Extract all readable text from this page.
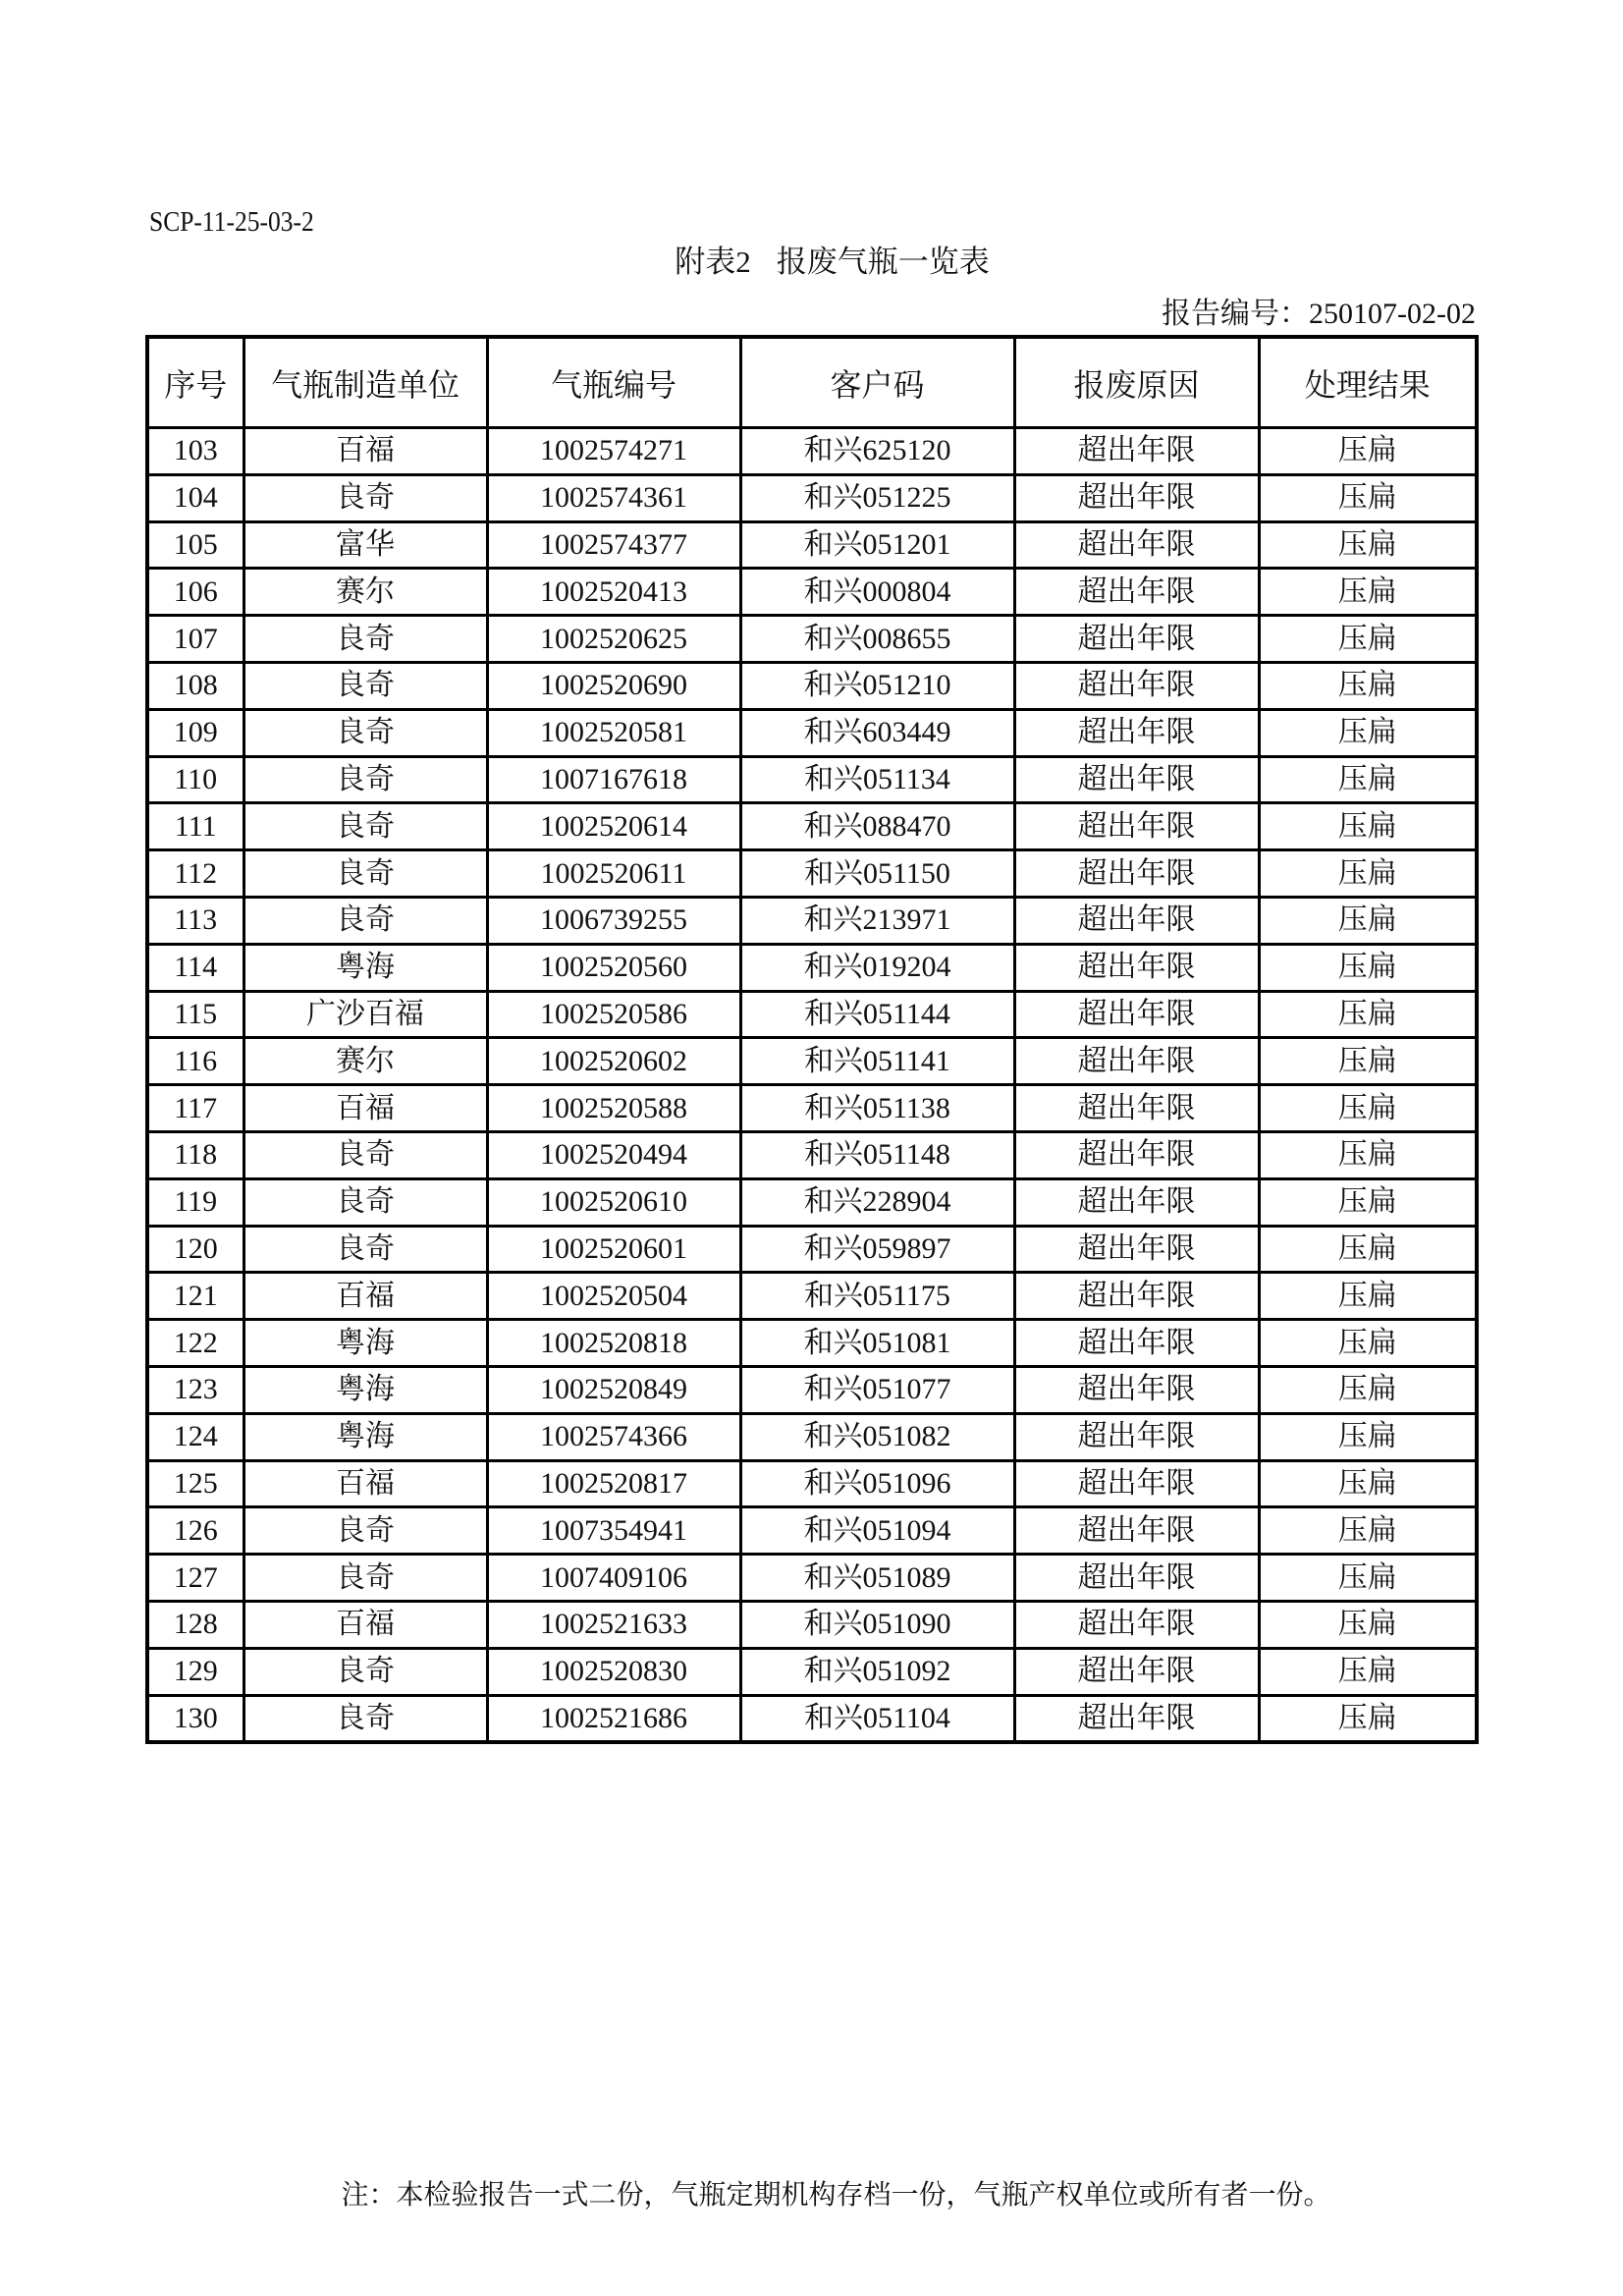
SCP-11-25-03-2
附表2 报废气瓶一览表
报告编号：250107-02-02
序号	气瓶制造单位	气瓶编号	客户码	报废原因	处理结果
103	百福	1002574271	和兴625120	超出年限	压扁
104	良奇	1002574361	和兴051225	超出年限	压扁
105	富华	1002574377	和兴051201	超出年限	压扁
106	赛尔	1002520413	和兴000804	超出年限	压扁
107	良奇	1002520625	和兴008655	超出年限	压扁
108	良奇	1002520690	和兴051210	超出年限	压扁
109	良奇	1002520581	和兴603449	超出年限	压扁
110	良奇	1007167618	和兴051134	超出年限	压扁
111	良奇	1002520614	和兴088470	超出年限	压扁
112	良奇	1002520611	和兴051150	超出年限	压扁
113	良奇	1006739255	和兴213971	超出年限	压扁
114	粤海	1002520560	和兴019204	超出年限	压扁
115	广沙百福	1002520586	和兴051144	超出年限	压扁
116	赛尔	1002520602	和兴051141	超出年限	压扁
117	百福	1002520588	和兴051138	超出年限	压扁
118	良奇	1002520494	和兴051148	超出年限	压扁
119	良奇	1002520610	和兴228904	超出年限	压扁
120	良奇	1002520601	和兴059897	超出年限	压扁
121	百福	1002520504	和兴051175	超出年限	压扁
122	粤海	1002520818	和兴051081	超出年限	压扁
123	粤海	1002520849	和兴051077	超出年限	压扁
124	粤海	1002574366	和兴051082	超出年限	压扁
125	百福	1002520817	和兴051096	超出年限	压扁
126	良奇	1007354941	和兴051094	超出年限	压扁
127	良奇	1007409106	和兴051089	超出年限	压扁
128	百福	1002521633	和兴051090	超出年限	压扁
129	良奇	1002520830	和兴051092	超出年限	压扁
130	良奇	1002521686	和兴051104	超出年限	压扁
注：本检验报告一式二份，气瓶定期机构存档一份，气瓶产权单位或所有者一份。
